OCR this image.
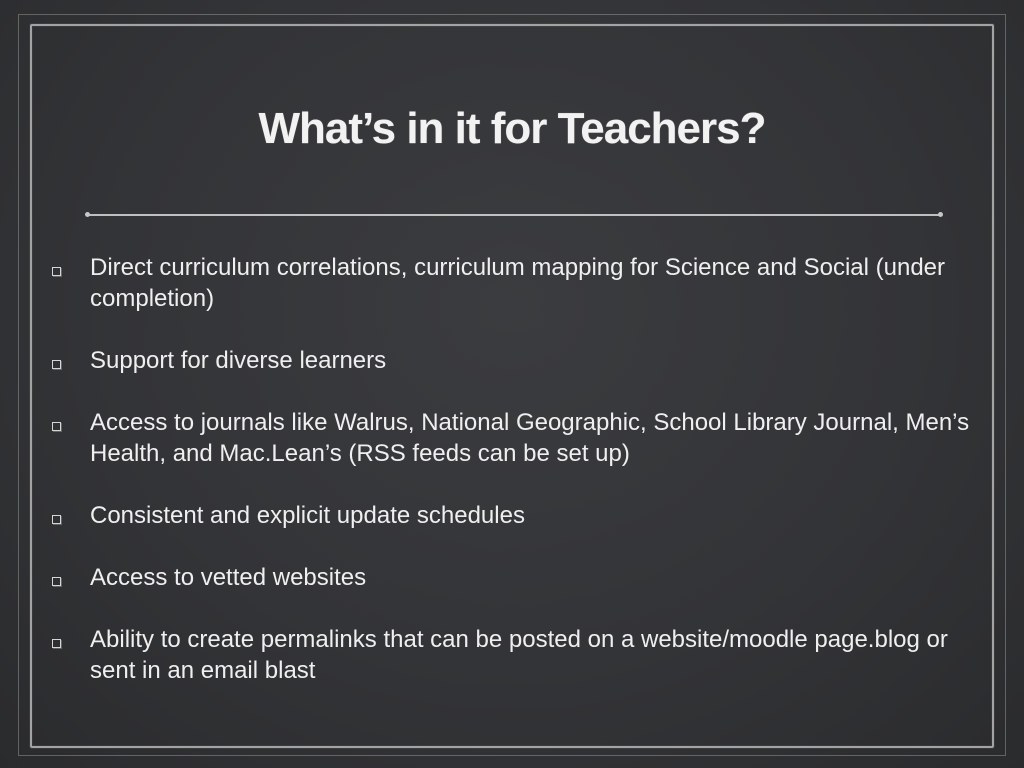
What’s in it for Teachers?
Direct curriculum correlations, curriculum mapping for Science and Social (under completion)
Support for diverse learners
Access to journals like Walrus, National Geographic, School Library Journal, Men’s Health, and Mac.Lean’s (RSS feeds can be set up)
Consistent and explicit update schedules
Access to vetted websites
Ability to create permalinks that can be posted on a website/moodle page.blog or sent in an email blast
